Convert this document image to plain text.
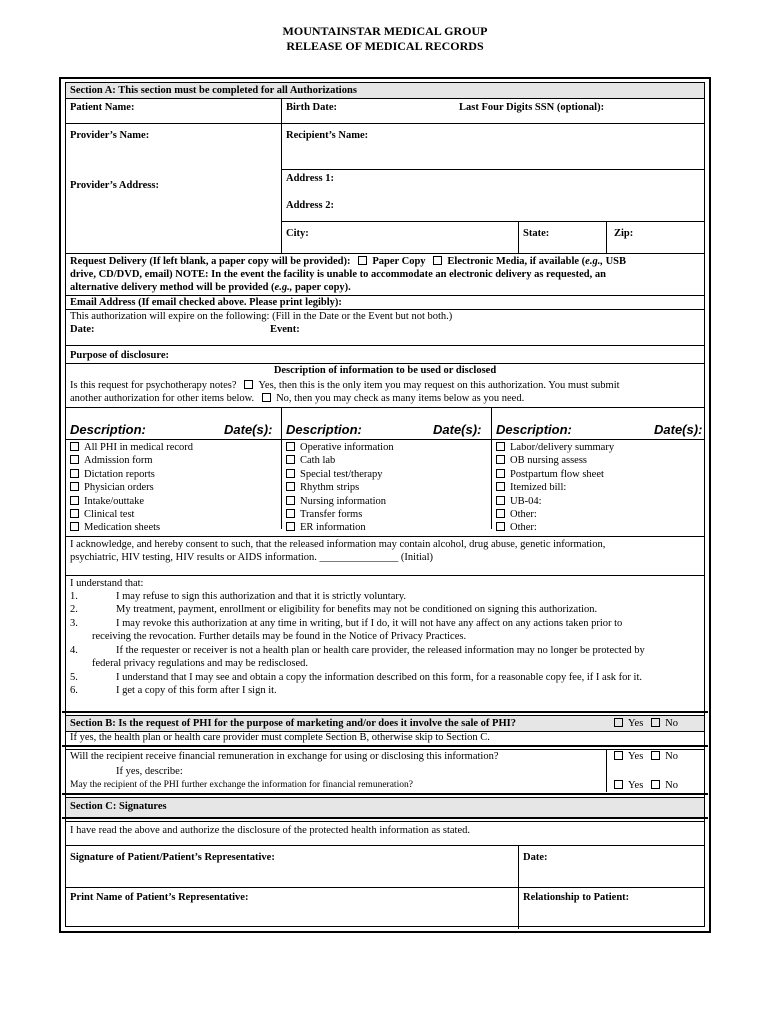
MOUNTAINSTAR MEDICAL GROUP
RELEASE OF MEDICAL RECORDS
Section A: This section must be completed for all Authorizations
Patient Name:	Birth Date:	Last Four Digits SSN (optional):
Provider’s Name:	Recipient’s Name:
Provider’s Address:
Address 1:
Address 2:
City:	State:	Zip:
Request Delivery (If left blank, a paper copy will be provided): Paper Copy Electronic Media, if available (e.g., USB
drive, CD/DVD, email) NOTE: In the event the facility is unable to accommodate an electronic delivery as requested, an
alternative delivery method will be provided (e.g., paper copy).
Email Address (If email checked above. Please print legibly):
This authorization will expire on the following: (Fill in the Date or the Event but not both.)
Date:	Event:
Purpose of disclosure:
Description of information to be used or disclosed
Is this request for psychotherapy notes? Yes, then this is the only item you may request on this authorization. You must submit
another authorization for other items below. No, then you may check as many items below as you need.
Description:	Date(s): Description:	Date(s): Description:	Date(s):
All PHI in medical record
Admission form
Dictation reports
Physician orders
Intake/outtake
Clinical test
Medication sheets
Operative information
Cath lab
Special test/therapy
Rhythm strips
Nursing information
Transfer forms
ER information
Labor/delivery summary
OB nursing assess
Postpartum flow sheet
Itemized bill:
UB-04:
Other:
Other:
I acknowledge, and hereby consent to such, that the released information may contain alcohol, drug abuse, genetic information,
psychiatric, HIV testing, HIV results or AIDS information. _______________ (Initial)
I understand that:
1.	I may refuse to sign this authorization and that it is strictly voluntary.
2.	My treatment, payment, enrollment or eligibility for benefits may not be conditioned on signing this authorization.
3.	I may revoke this authorization at any time in writing, but if I do, it will not have any affect on any actions taken prior to
receiving the revocation. Further details may be found in the Notice of Privacy Practices.
4.	If the requester or receiver is not a health plan or health care provider, the released information may no longer be protected by
federal privacy regulations and may be redisclosed.
5.	I understand that I may see and obtain a copy the information described on this form, for a reasonable copy fee, if I ask for it.
6.	I get a copy of this form after I sign it.
Section B: Is the request of PHI for the purpose of marketing and/or does it involve the sale of PHI?	Yes No
If yes, the health plan or health care provider must complete Section B, otherwise skip to Section C.
Will the recipient receive financial remuneration in exchange for using or disclosing this information?	Yes No
If yes, describe:
May the recipient of the PHI further exchange the information for financial remuneration?	Yes No
Section C: Signatures
I have read the above and authorize the disclosure of the protected health information as stated.
Signature of Patient/Patient’s Representative:	Date:
Print Name of Patient’s Representative:	Relationship to Patient:
